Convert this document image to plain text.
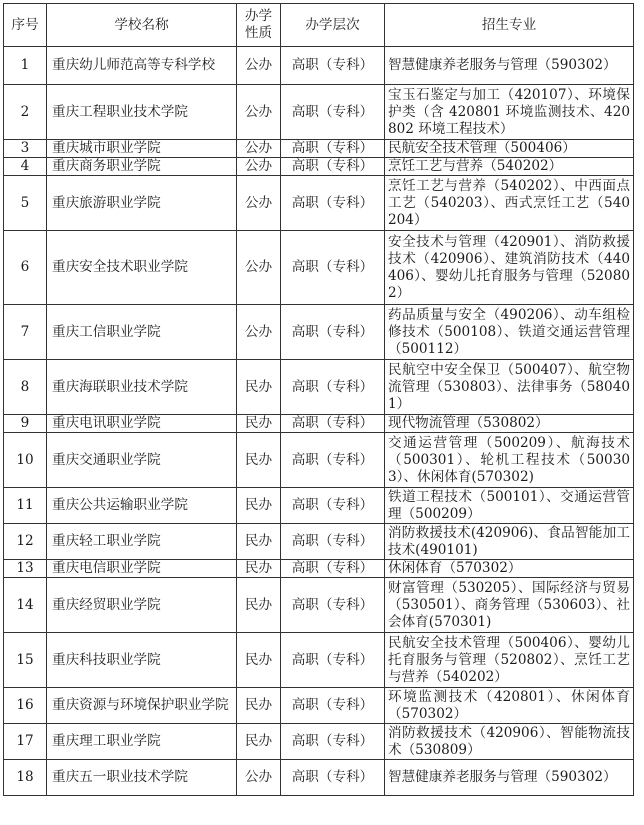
序号	学校名称	办学性质	办学层次	招生专业
1	重庆幼儿师范高等专科学校	公办	高职（专科）	智慧健康养老服务与管理（590302）
2	重庆工程职业技术学院	公办	高职（专科）	宝玉石鉴定与加工（420107）、环境保护类（含 420801 环境监测技术、420802 环境工程技术）
3	重庆城市职业学院	公办	高职（专科）	民航安全技术管理（500406）
4	重庆商务职业学院	公办	高职（专科）	烹饪工艺与营养（540202）
5	重庆旅游职业学院	公办	高职（专科）	烹饪工艺与营养（540202）、中西面点工艺（540203）、西式烹饪工艺（540204）
6	重庆安全技术职业学院	公办	高职（专科）	安全技术与管理（420901）、消防救援技术（420906）、建筑消防技术（440406）、婴幼儿托育服务与管理（520802）
7	重庆工信职业学院	公办	高职（专科）	药品质量与安全（490206）、动车组检修技术（500108）、铁道交通运营管理（500112）
8	重庆海联职业技术学院	民办	高职（专科）	民航空中安全保卫（500407）、航空物流管理（530803）、法律事务（580401）
9	重庆电讯职业学院	民办	高职（专科）	现代物流管理（530802）
10	重庆交通职业学院	民办	高职（专科）	交通运营管理（500209）、航海技术（500301）、轮机工程技术（500303）、休闲体育(570302)
11	重庆公共运输职业学院	民办	高职（专科）	铁道工程技术（500101）、交通运营管理（500209）
12	重庆轻工职业学院	民办	高职（专科）	消防救援技术(420906)、食品智能加工技术(490101)
13	重庆电信职业学院	民办	高职（专科）	休闲体育（570302）
14	重庆经贸职业学院	民办	高职（专科）	财富管理（530205）、国际经济与贸易（530501）、商务管理（530603）、社会体育(570301)
15	重庆科技职业学院	民办	高职（专科）	民航安全技术管理（500406）、婴幼儿托育服务与管理（520802）、烹饪工艺与营养（540202）
16	重庆资源与环境保护职业学院	民办	高职（专科）	环境监测技术（420801）、休闲体育（570302）
17	重庆理工职业学院	民办	高职（专科）	消防救援技术（420906）、智能物流技术（530809）
18	重庆五一职业技术学院	公办	高职（专科）	智慧健康养老服务与管理（590302）
